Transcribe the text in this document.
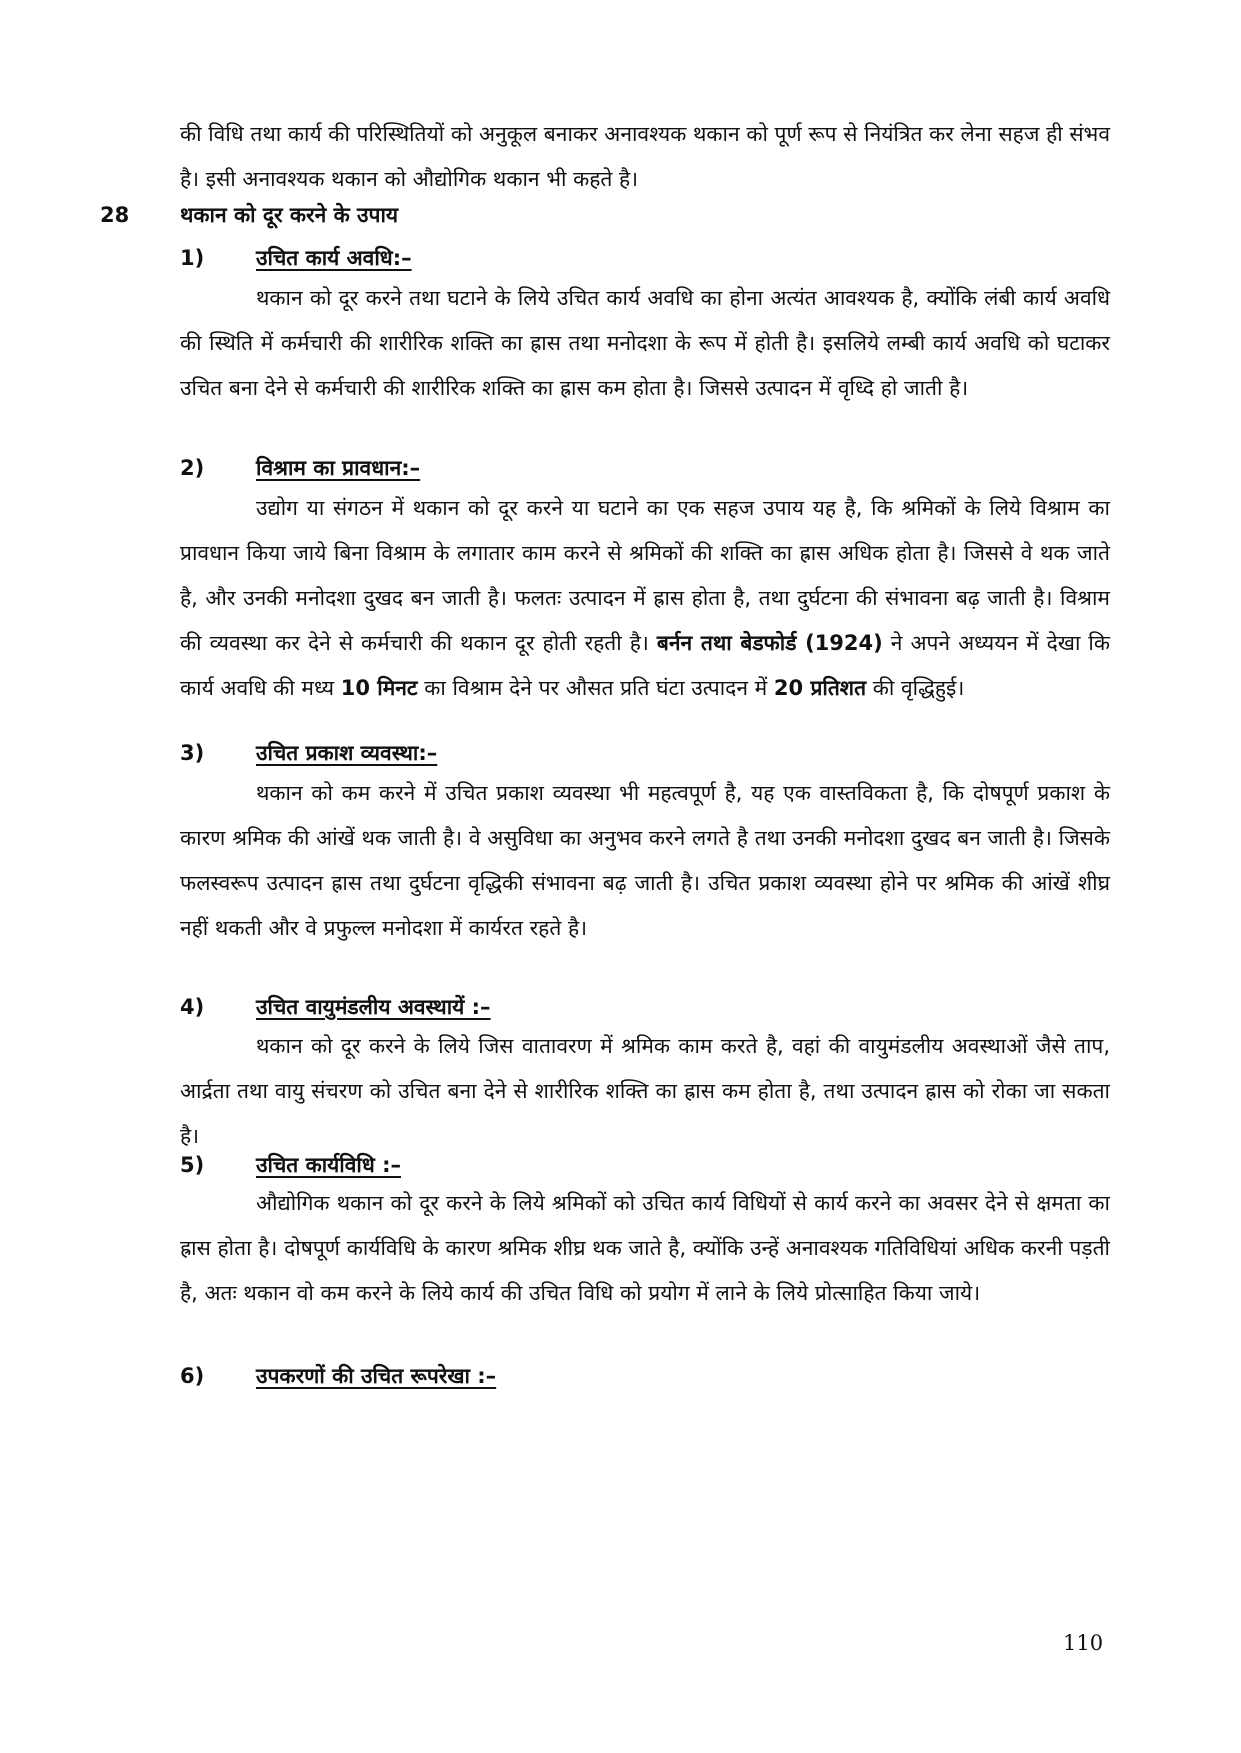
की विधि तथा कार्य की परिस्थितियों को अनुकूल बनाकर अनावश्यक थकान को पूर्ण रूप से नियंत्रित कर लेना सहज ही संभव है। इसी अनावश्यक थकान को औद्योगिक थकान भी कहते है।

28 थकान को दूर करने के उपाय
1) उचित कार्य अवधि:–

थकान को दूर करने तथा घटाने के लिये उचित कार्य अवधि का होना अत्यंत आवश्यक है, क्योंकि लंबी कार्य अवधि की स्थिति में कर्मचारी की शारीरिक शक्ति का ह्रास तथा मनोदशा के रूप में होती है। इसलिये लम्बी कार्य अवधि को घटाकर उचित बना देने से कर्मचारी की शारीरिक शक्ति का ह्रास कम होता है। जिससे उत्पादन में वृध्दि हो जाती है।

2) विश्राम का प्रावधान:–

उद्योग या संगठन में थकान को दूर करने या घटाने का एक सहज उपाय यह है, कि श्रमिकों के लिये विश्राम का प्रावधान किया जाये बिना विश्राम के लगातार काम करने से श्रमिकों की शक्ति का ह्रास अधिक होता है। जिससे वे थक जाते है, और उनकी मनोदशा दुखद बन जाती है। फलतः उत्पादन में ह्रास होता है, तथा दुर्घटना की संभावना बढ़ जाती है। विश्राम की व्यवस्था कर देने से कर्मचारी की थकान दूर होती रहती है। बर्नन तथा बेडफोर्ड (1924) ने अपने अध्ययन में देखा कि कार्य अवधि की मध्य 10 मिनट का विश्राम देने पर औसत प्रति घंटा उत्पादन में 20 प्रतिशत की वृद्धिहुई।

3) उचित प्रकाश व्यवस्था:–

थकान को कम करने में उचित प्रकाश व्यवस्था भी महत्वपूर्ण है, यह एक वास्तविकता है, कि दोषपूर्ण प्रकाश के कारण श्रमिक की आंखें थक जाती है। वे असुविधा का अनुभव करने लगते है तथा उनकी मनोदशा दुखद बन जाती है। जिसके फलस्वरूप उत्पादन ह्रास तथा दुर्घटना वृद्धिकी संभावना बढ़ जाती है। उचित प्रकाश व्यवस्था होने पर श्रमिक की आंखें शीघ्र नहीं थकती और वे प्रफुल्ल मनोदशा में कार्यरत रहते है।

4) उचित वायुमंडलीय अवस्थायें :–

थकान को दूर करने के लिये जिस वातावरण में श्रमिक काम करते है, वहां की वायुमंडलीय अवस्थाओं जैसे ताप, आर्द्रता तथा वायु संचरण को उचित बना देने से शारीरिक शक्ति का ह्रास कम होता है, तथा उत्पादन ह्रास को रोका जा सकता है।

5) उचित कार्यविधि :–

औद्योगिक थकान को दूर करने के लिये श्रमिकों को उचित कार्य विधियों से कार्य करने का अवसर देने से क्षमता का ह्रास होता है। दोषपूर्ण कार्यविधि के कारण श्रमिक शीघ्र थक जाते है, क्योंकि उन्हें अनावश्यक गतिविधियां अधिक करनी पड़ती है, अतः थकान वो कम करने के लिये कार्य की उचित विधि को प्रयोग में लाने के लिये प्रोत्साहित किया जाये।

6) उपकरणों की उचित रूपरेखा :–
110
